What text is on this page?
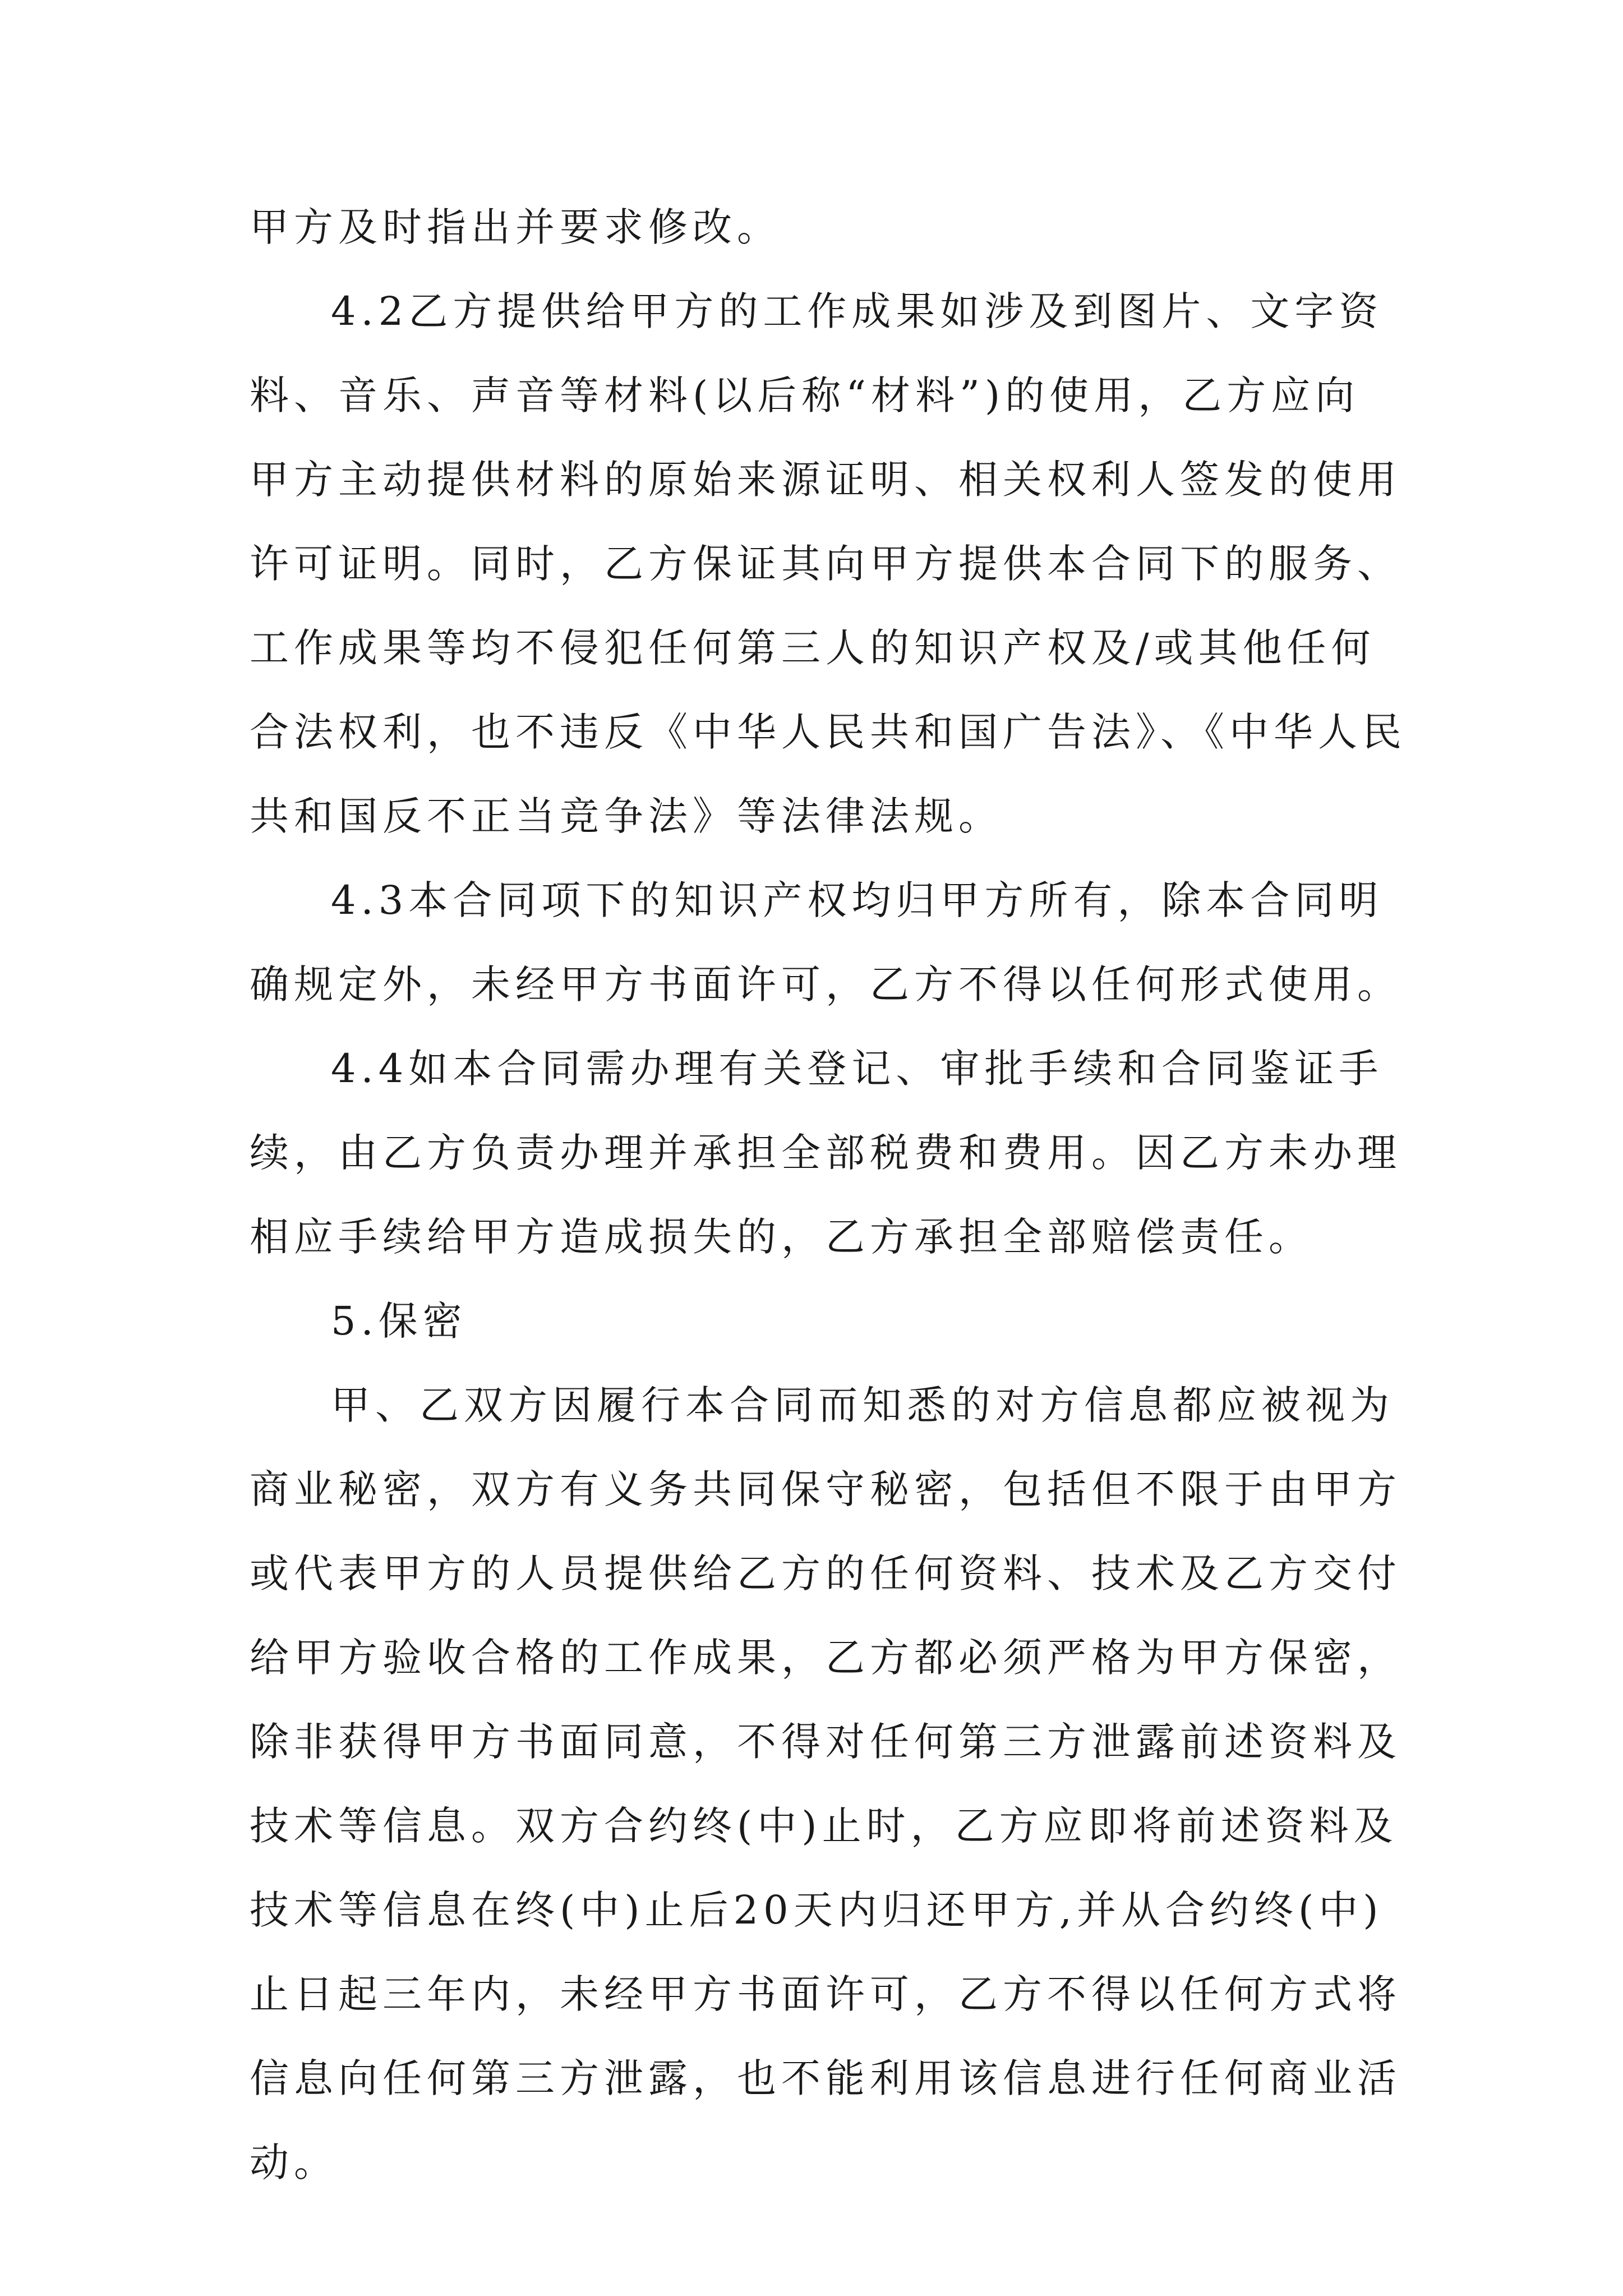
甲方及时指出并要求修改。
4.2乙方提供给甲方的工作成果如涉及到图片、文字资
料、音乐、声音等材料(以后称“材料”)的使用，乙方应向
甲方主动提供材料的原始来源证明、相关权利人签发的使用
许可证明。同时，乙方保证其向甲方提供本合同下的服务、
工作成果等均不侵犯任何第三人的知识产权及/或其他任何
合法权利，也不违反《中华人民共和国广告法》、《中华人民
共和国反不正当竞争法》等法律法规。
4.3本合同项下的知识产权均归甲方所有，除本合同明
确规定外，未经甲方书面许可，乙方不得以任何形式使用。
4.4如本合同需办理有关登记、审批手续和合同鉴证手
续，由乙方负责办理并承担全部税费和费用。因乙方未办理
相应手续给甲方造成损失的，乙方承担全部赔偿责任。
5.保密
甲、乙双方因履行本合同而知悉的对方信息都应被视为
商业秘密，双方有义务共同保守秘密，包括但不限于由甲方
或代表甲方的人员提供给乙方的任何资料、技术及乙方交付
给甲方验收合格的工作成果，乙方都必须严格为甲方保密，
除非获得甲方书面同意，不得对任何第三方泄露前述资料及
技术等信息。双方合约终(中)止时，乙方应即将前述资料及
技术等信息在终(中)止后20天内归还甲方,并从合约终(中)
止日起三年内，未经甲方书面许可，乙方不得以任何方式将
信息向任何第三方泄露，也不能利用该信息进行任何商业活
动。
